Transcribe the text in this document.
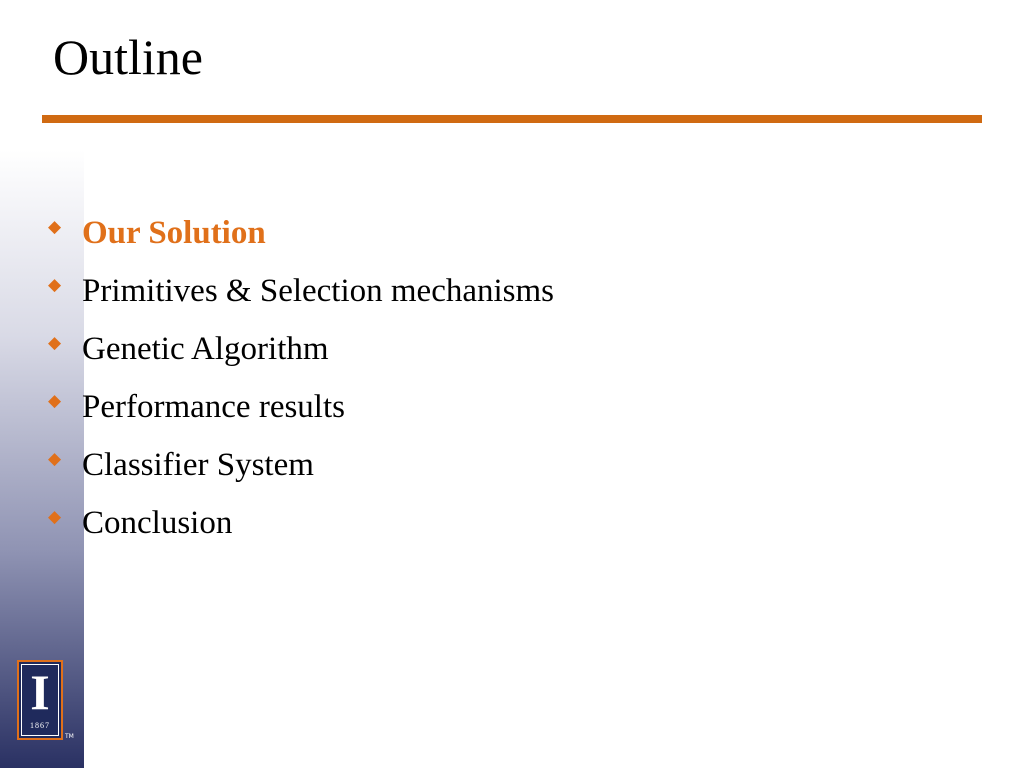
Outline
◆ Our Solution
◆ Primitives & Selection mechanisms
◆ Genetic Algorithm
◆ Performance results
◆ Classifier System
◆ Conclusion
I
1867
TM
